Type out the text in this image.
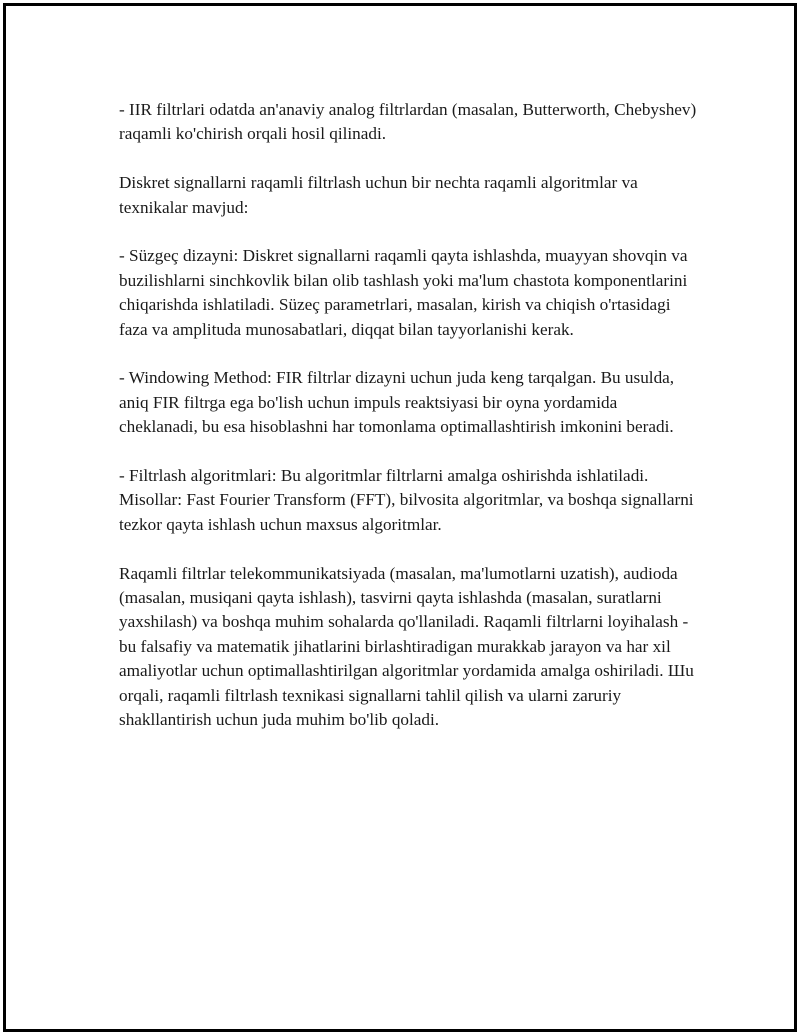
- IIR filtrlari odatda an'anaviy analog filtrlardan (masalan, Butterworth, Chebyshev) raqamli ko'chirish orqali hosil qilinadi.

Diskret signallarni raqamli filtrlash uchun bir nechta raqamli algoritmlar va texnikalar mavjud:

- Süzgeç dizayni: Diskret signallarni raqamli qayta ishlashda, muayyan shovqin va buzilishlarni sinchkovlik bilan olib tashlash yoki ma'lum chastota komponentlarini chiqarishda ishlatiladi. Süzeç parametrlari, masalan, kirish va chiqish o'rtasidagi faza va amplituda munosabatlari, diqqat bilan tayyorlanishi kerak.

- Windowing Method: FIR filtrlar dizayni uchun juda keng tarqalgan. Bu usulda, aniq FIR filtrga ega bo'lish uchun impuls reaktsiyasi bir oyna yordamida cheklanadi, bu esa hisoblashni har tomonlama optimallashtirish imkonini beradi.

- Filtrlash algoritmlari: Bu algoritmlar filtrlarni amalga oshirishda ishlatiladi. Misollar: Fast Fourier Transform (FFT), bilvosita algoritmlar, va boshqa signallarni tezkor qayta ishlash uchun maxsus algoritmlar.

Raqamli filtrlar telekommunikatsiyada (masalan, ma'lumotlarni uzatish), audioda (masalan, musiqani qayta ishlash), tasvirni qayta ishlashda (masalan, suratlarni yaxshilash) va boshqa muhim sohalarda qo'llaniladi. Raqamli filtrlarni loyihalash - bu falsafiy va matematik jihatlarini birlashtiradigan murakkab jarayon va har xil amaliyotlar uchun optimallashtirilgan algoritmlar yordamida amalga oshiriladi. Шu orqali, raqamli filtrlash texnikasi signallarni tahlil qilish va ularni zaruriy shakllantirish uchun juda muhim bo'lib qoladi.
